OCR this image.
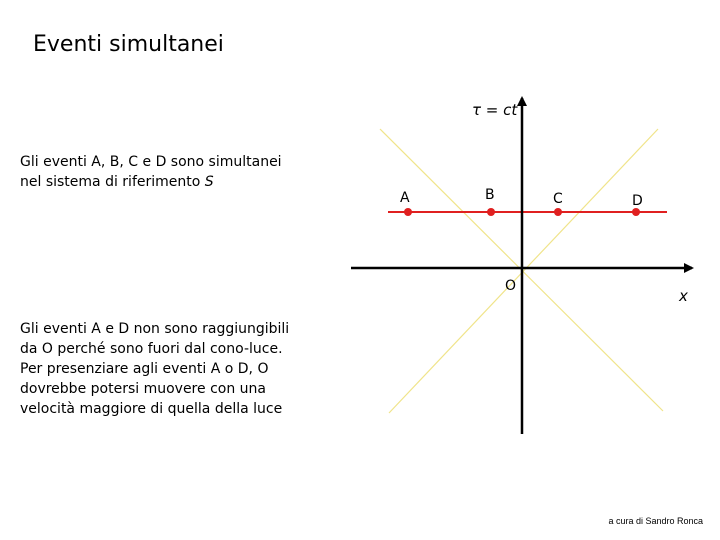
Eventi simultanei

Gli eventi A, B, C e D sono simultanei

nel sistema di riferimento S

Gli eventi A e D non sono raggiungibili

da O perché sono fuori dal cono-luce.

Per presenziare agli eventi A o D, O

dovrebbe potersi muovere con una

velocità maggiore di quella della luce

τ = ct
x
O
A	B	C	D
a cura di Sandro Ronca
